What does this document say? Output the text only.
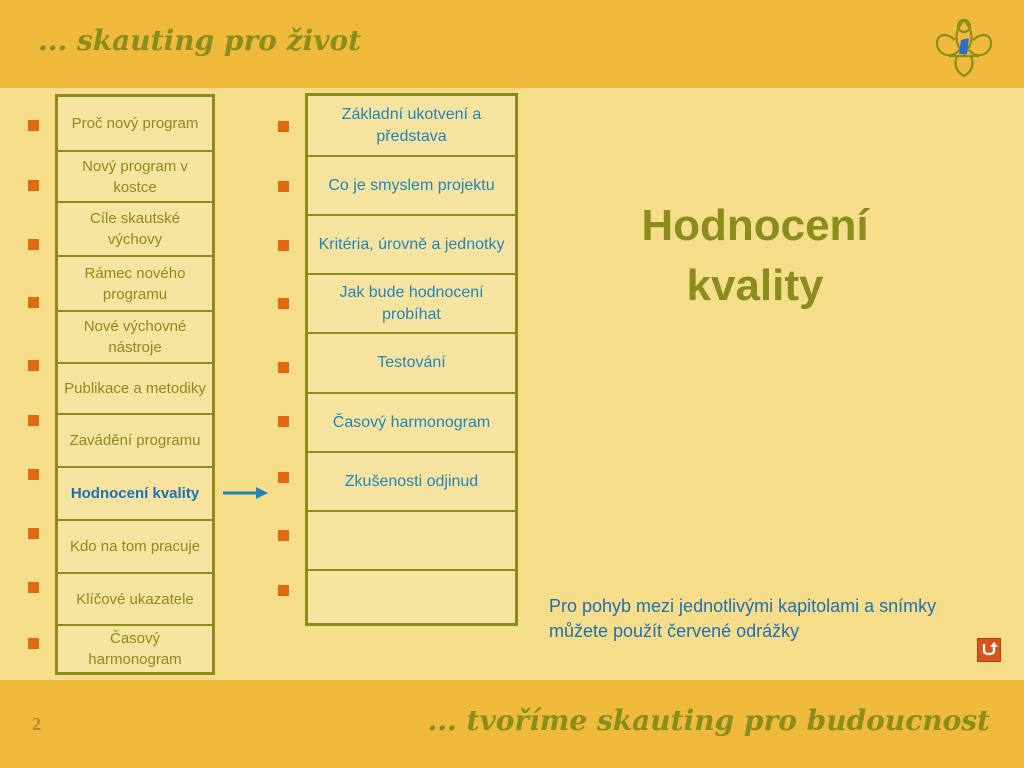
... skauting pro život
Proč nový program
Nový program v kostce
Cíle skautské výchovy
Rámec nového programu
Nové výchovné nástroje
Publikace a metodiky
Zavádění programu
Hodnocení kvality
Kdo na tom pracuje
Klíčové ukazatele
Časový harmonogram
Základní ukotvení a představa
Co je smyslem projektu
Kritéria, úrovně a jednotky
Jak bude hodnocení probíhat
Testování
Časový harmonogram
Zkušenosti odjinud
Hodnocení kvality
Pro pohyb mezi jednotlivými kapitolami a snímky můžete použít červené odrážky
2	... tvoříme skauting pro budoucnost
